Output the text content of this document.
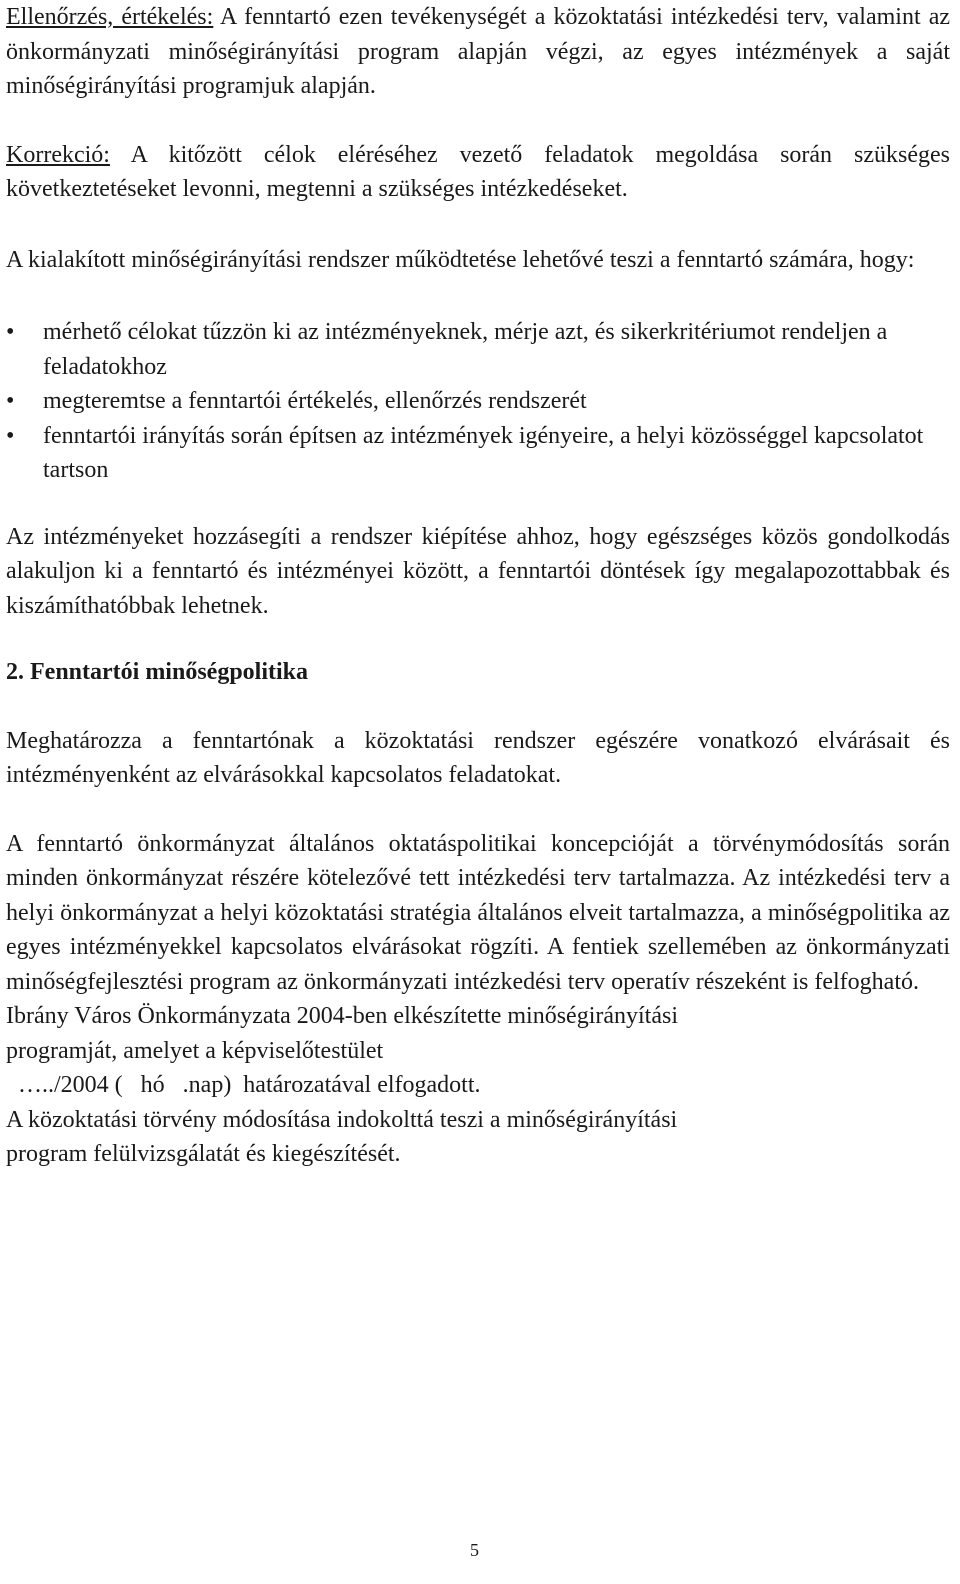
Ellenőrzés, értékelés: A fenntartó ezen tevékenységét a közoktatási intézkedési terv, valamint az önkormányzati minőségirányítási program alapján végzi, az egyes intézmények a saját minőségirányítási programjuk alapján.

Korrekció: A kitőzött célok eléréséhez vezető feladatok megoldása során szükséges következtetéseket levonni, megtenni a szükséges intézkedéseket.

A kialakított minőségirányítási rendszer működtetése lehetővé teszi a fenntartó számára, hogy:

• mérhető célokat tűzzön ki az intézményeknek, mérje azt, és sikerkritériumot rendeljen a feladatokhoz
• megteremtse a fenntartói értékelés, ellenőrzés rendszerét
• fenntartói irányítás során építsen az intézmények igényeire, a helyi közösséggel kapcsolatot tartson

Az intézményeket hozzásegíti a rendszer kiépítése ahhoz, hogy egészséges közös gondolkodás alakuljon ki a fenntartó és intézményei között, a fenntartói döntések így megalapozottabbak és kiszámíthatóbbak lehetnek.

2. Fenntartói minőségpolitika

Meghatározza a fenntartónak a közoktatási rendszer egészére vonatkozó elvárásait és intézményenként az elvárásokkal kapcsolatos feladatokat.

A fenntartó önkormányzat általános oktatáspolitikai koncepcióját a törvénymódosítás során minden önkormányzat részére kötelezővé tett intézkedési terv tartalmazza. Az intézkedési terv a helyi önkormányzat a helyi közoktatási stratégia általános elveit tartalmazza, a minőségpolitika az egyes intézményekkel kapcsolatos elvárásokat rögzíti. A fentiek szellemében az önkormányzati minőségfejlesztési program az önkormányzati intézkedési terv operatív részeként is felfogható.

Ibrány Város Önkormányzata 2004-ben elkészítette minőségirányítási
programját, amelyet a képviselőtestület
…../2004 (   hó   .nap)  határozatával elfogadott.

A közoktatási törvény módosítása indokolttá teszi a minőségirányítási
program felülvizsgálatát és kiegészítését.

5
